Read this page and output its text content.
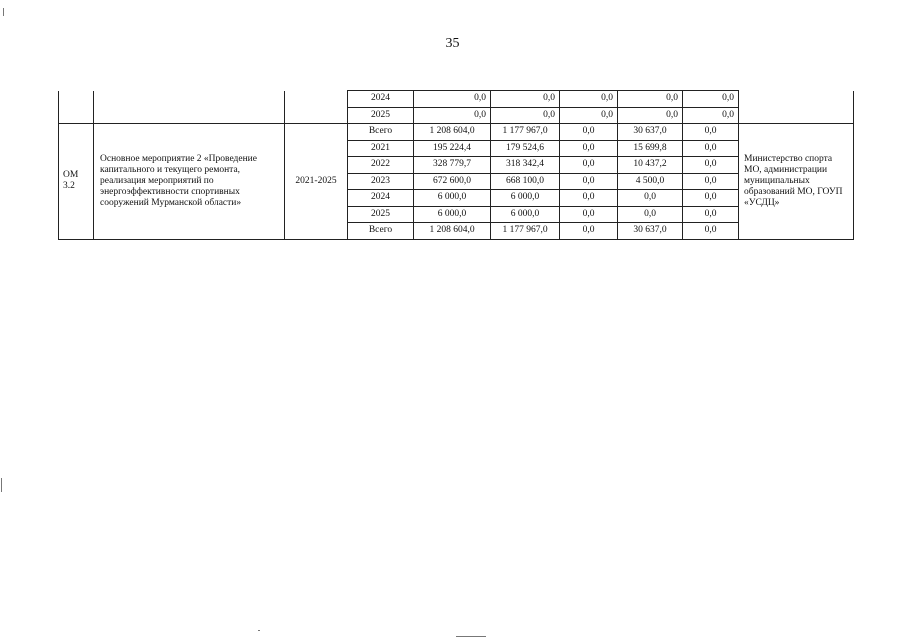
35
			2024	0,0	0,0	0,0	0,0	0,0	
			2025	0,0	0,0	0,0	0,0	0,0	
ОМ 3.2	Основное мероприятие 2 «Проведение капитального и текущего ремонта, реализация мероприятий по энергоэффективности спортивных сооружений Мурманской области»	2021-2025	Всего	1 208 604,0	1 177 967,0	0,0	30 637,0	0,0	Министерство спорта МО, администрации муниципальных образований МО, ГОУП «УСДЦ»
			2021	195 224,4	179 524,6	0,0	15 699,8	0,0	
			2022	328 779,7	318 342,4	0,0	10 437,2	0,0	
			2023	672 600,0	668 100,0	0,0	4 500,0	0,0	
			2024	6 000,0	6 000,0	0,0	0,0	0,0	
			2025	6 000,0	6 000,0	0,0	0,0	0,0	
			Всего	1 208 604,0	1 177 967,0	0,0	30 637,0	0,0	
